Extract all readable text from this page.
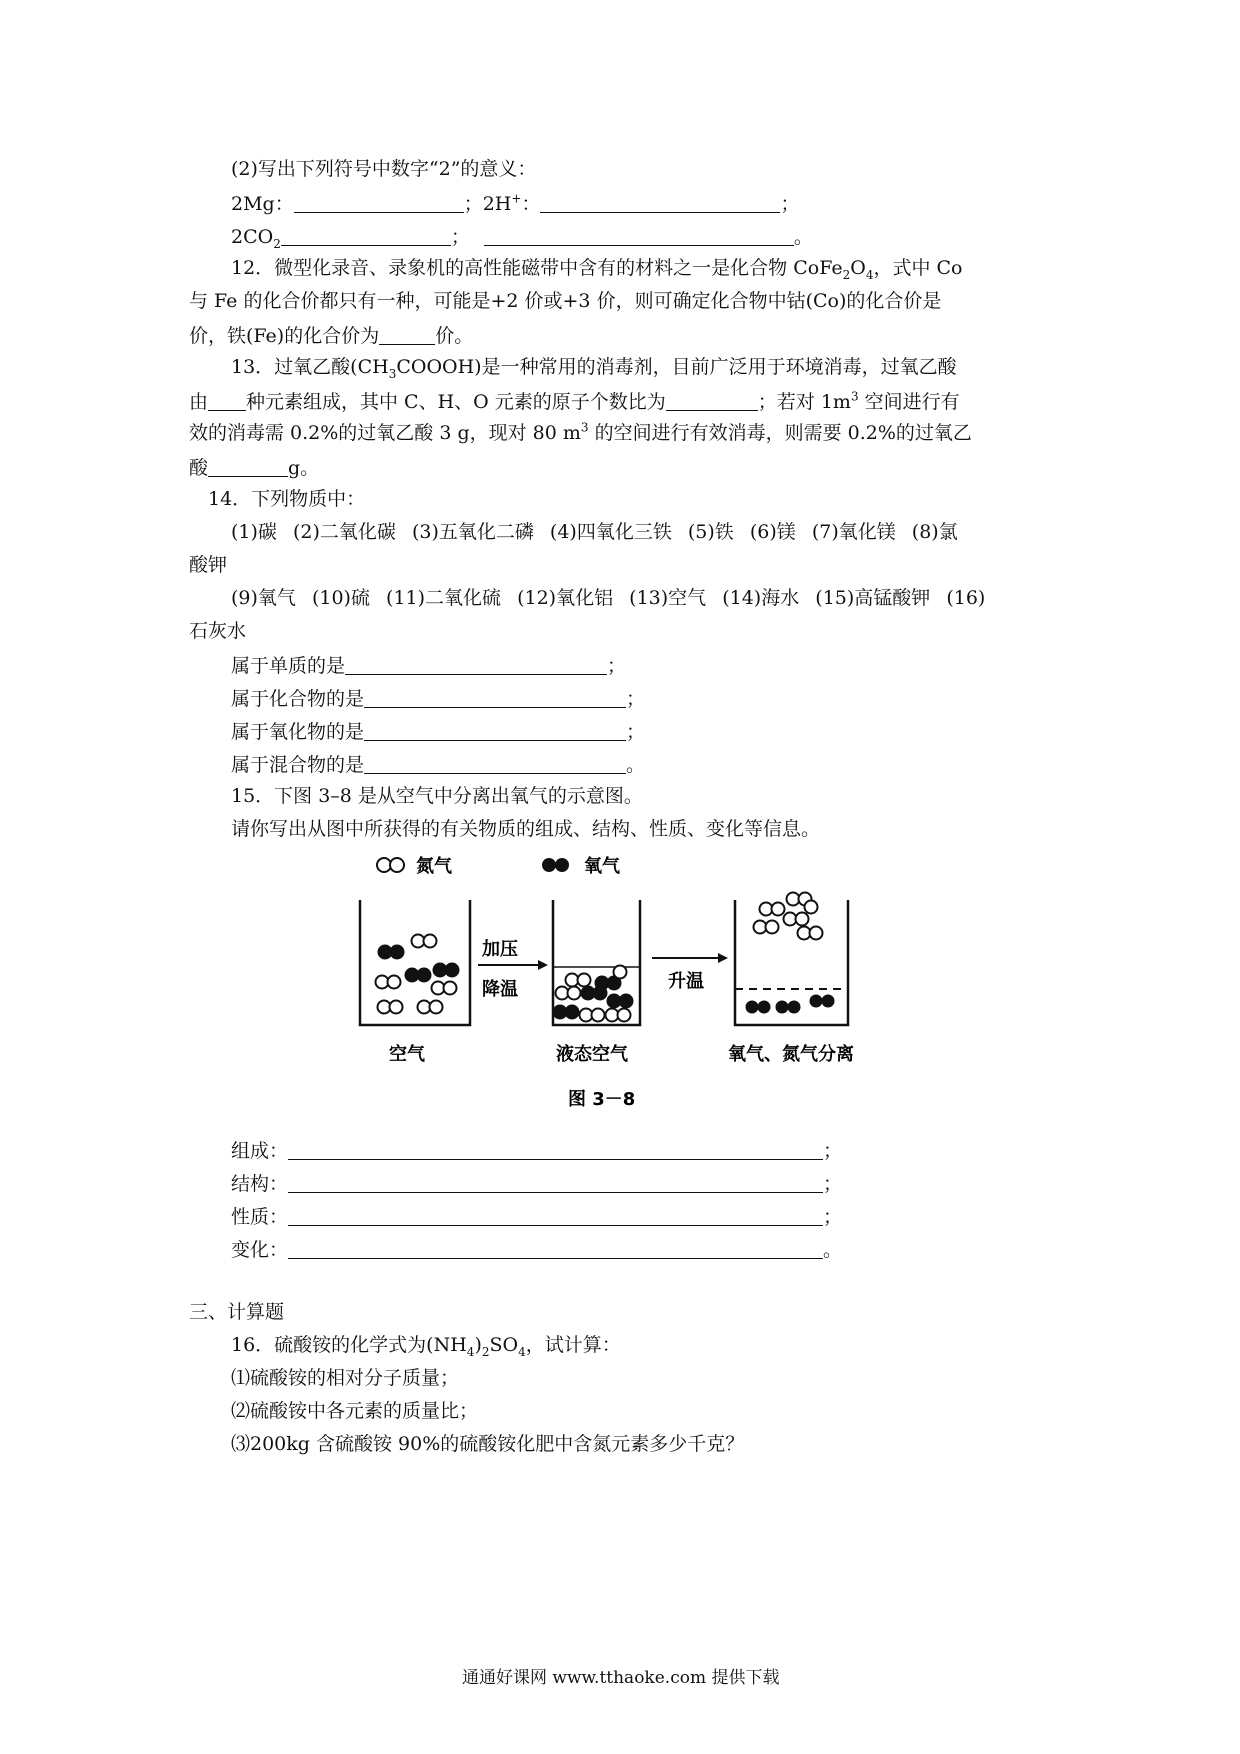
(2)写出下列符号中数字“2”的意义：
2Mg：	；2H+：	；
$2CO_2$	；	。
12．微型化录音、录象机的高性能磁带中含有的材料之一是化合物 $CoFe_2O_4$，式中 Co
与 Fe 的化合价都只有一种，可能是+2 价或+3 价，则可确定化合物中钴(Co)的化合价是
价，铁(Fe)的化合价为	价。
13．过氧乙酸$(CH_3COOOH)$是一种常用的消毒剂，目前广泛用于环境消毒，过氧乙酸
由 种元素组成，其中 C、H、O 元素的原子个数比为	；若对 $1m^3$ 空间进行有
效的消毒需 0.2%的过氧乙酸 3 g，现对 80 $m^3$ 的空间进行有效消毒，则需要 0.2%的过氧乙
酸	g。
14．下列物质中：
(1)碳 (2)二氧化碳 (3)五氧化二磷 (4)四氧化三铁 (5)铁 (6)镁 (7)氧化镁 (8)氯
酸钾
(9)氧气 (10)硫 (11)二氧化硫 (12)氧化铝 (13)空气 (14)海水 (15)高锰酸钾 (16)
石灰水
属于单质的是	；
属于化合物的是	；
属于氧化物的是	；
属于混合物的是	。
15．下图 3–8 是从空气中分离出氧气的示意图。
请你写出从图中所获得的有关物质的组成、结构、性质、变化等信息。
氮气	氧气
空气
加压
降温
液态空气
升温
氧气、氮气分离
图 3－8
组成：	；
结构：	；
性质：	；
变化：	。
三、计算题
16．硫酸铵的化学式为$(NH_4)_2SO_4$，试计算：
⑴硫酸铵的相对分子质量；
⑵硫酸铵中各元素的质量比；
⑶200kg 含硫酸铵 90%的硫酸铵化肥中含氮元素多少千克？
通通好课网 www.tthaoke.com 提供下载
